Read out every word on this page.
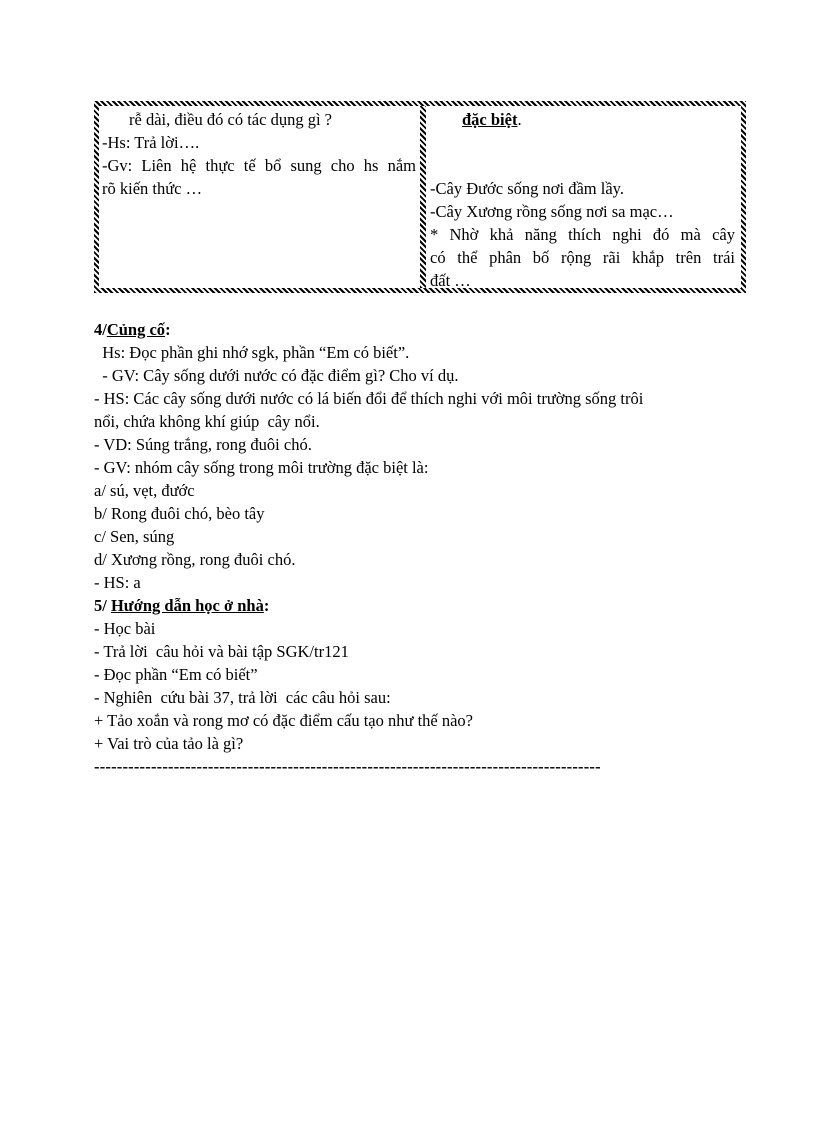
rễ dài, điều đó có tác dụng gì ?
-Hs: Trả lời….
-Gv: Liên hệ thực tế bổ sung cho hs nắm
rõ kiến thức …
đặc biệt.
-Cây Đước sống nơi đầm lầy.
-Cây Xương rồng sống nơi sa mạc…
* Nhờ khả năng thích nghi đó mà cây
có thể phân bố rộng rãi khắp trên trái
đất …
4/Củng cố:
Hs: Đọc phần ghi nhớ sgk, phần “Em có biết”.
- GV: Cây sống dưới nước có đặc điểm gì? Cho ví dụ.
- HS: Các cây sống dưới nước có lá biến đổi để thích nghi với môi trường sống trôi
nổi, chứa không khí giúp  cây nổi.
- VD: Súng trắng, rong đuôi chó.
- GV: nhóm cây sống trong môi trường đặc biệt là:
a/ sú, vẹt, đước
b/ Rong đuôi chó, bèo tây
c/ Sen, súng
d/ Xương rồng, rong đuôi chó.
- HS: a
5/ Hướng dẫn học ở nhà:
- Học bài
- Trả lời  câu hỏi và bài tập SGK/tr121
- Đọc phần “Em có biết”
- Nghiên  cứu bài 37, trả lời  các câu hỏi sau:
+ Tảo xoắn và rong mơ có đặc điểm cấu tạo như thế nào?
+ Vai trò của tảo là gì?
-----------------------------------------------------------------------------------------
